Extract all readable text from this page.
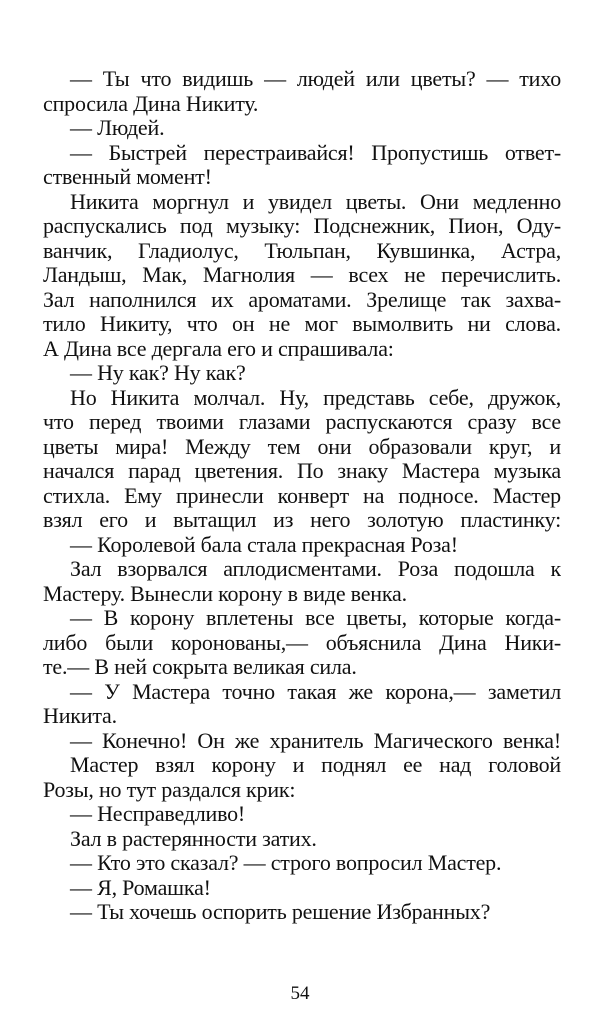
— Ты что видишь — людей или цветы? — тихо
спросила Дина Никиту.
— Людей.
— Быстрей перестраивайся! Пропустишь ответ-
ственный момент!
Никита моргнул и увидел цветы. Они медленно
распускались под музыку: Подснежник, Пион, Оду-
ванчик, Гладиолус, Тюльпан, Кувшинка, Астра,
Ландыш, Мак, Магнолия — всех не перечислить.
Зал наполнился их ароматами. Зрелище так захва-
тило Никиту, что он не мог вымолвить ни слова.
А Дина все дергала его и спрашивала:
— Ну как? Ну как?
Но Никита молчал. Ну, представь себе, дружок,
что перед твоими глазами распускаются сразу все
цветы мира! Между тем они образовали круг, и
начался парад цветения. По знаку Мастера музыка
стихла. Ему принесли конверт на подносе. Мастер
взял его и вытащил из него золотую пластинку:
— Королевой бала стала прекрасная Роза!
Зал взорвался аплодисментами. Роза подошла к
Мастеру. Вынесли корону в виде венка.
— В корону вплетены все цветы, которые когда-
либо были коронованы,— объяснила Дина Ники-
те.— В ней сокрыта великая сила.
— У Мастера точно такая же корона,— заметил
Никита.
— Конечно! Он же хранитель Магического венка!
Мастер взял корону и поднял ее над головой
Розы, но тут раздался крик:
— Несправедливо!
Зал в растерянности затих.
— Кто это сказал? — строго вопросил Мастер.
— Я, Ромашка!
— Ты хочешь оспорить решение Избранных?
54
